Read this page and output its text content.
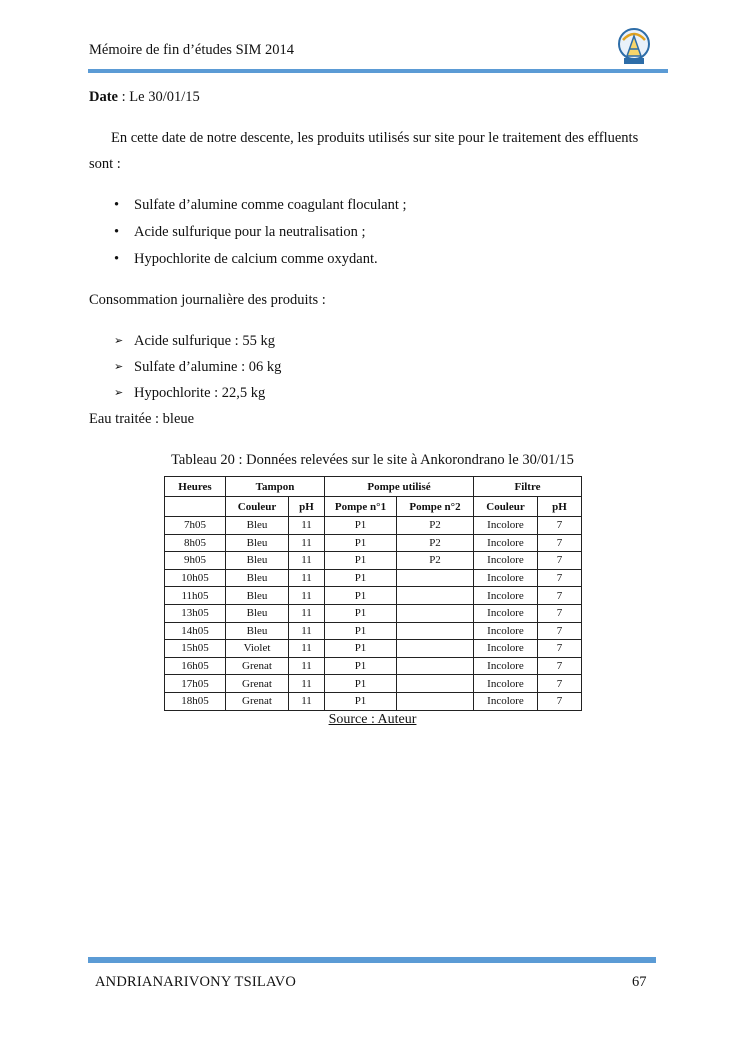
Mémoire de fin d’études SIM 2014
Date : Le 30/01/15
En cette date de notre descente, les produits utilisés sur site pour le traitement des effluents
sont :
• Sulfate d’alumine comme coagulant floculant ;
• Acide sulfurique pour la neutralisation ;
• Hypochlorite de calcium comme oxydant.
Consommation journalière des produits :
➢ Acide sulfurique : 55 kg
➢ Sulfate d’alumine : 06 kg
➢ Hypochlorite : 22,5 kg
Eau traitée : bleue
Tableau 20 : Données relevées sur le site à Ankorondrano le 30/01/15
Heures	Tampon		Pompe utilisé		Filtre	
	Couleur	pH	Pompe n°1	Pompe n°2	Couleur	pH
7h05	Bleu	11	P1	P2	Incolore	7
8h05	Bleu	11	P1	P2	Incolore	7
9h05	Bleu	11	P1	P2	Incolore	7
10h05	Bleu	11	P1		Incolore	7
11h05	Bleu	11	P1		Incolore	7
13h05	Bleu	11	P1		Incolore	7
14h05	Bleu	11	P1		Incolore	7
15h05	Violet	11	P1		Incolore	7
16h05	Grenat	11	P1		Incolore	7
17h05	Grenat	11	P1		Incolore	7
18h05	Grenat	11	P1		Incolore	7
Source : Auteur
ANDRIANARIVONY TSILAVO	67
